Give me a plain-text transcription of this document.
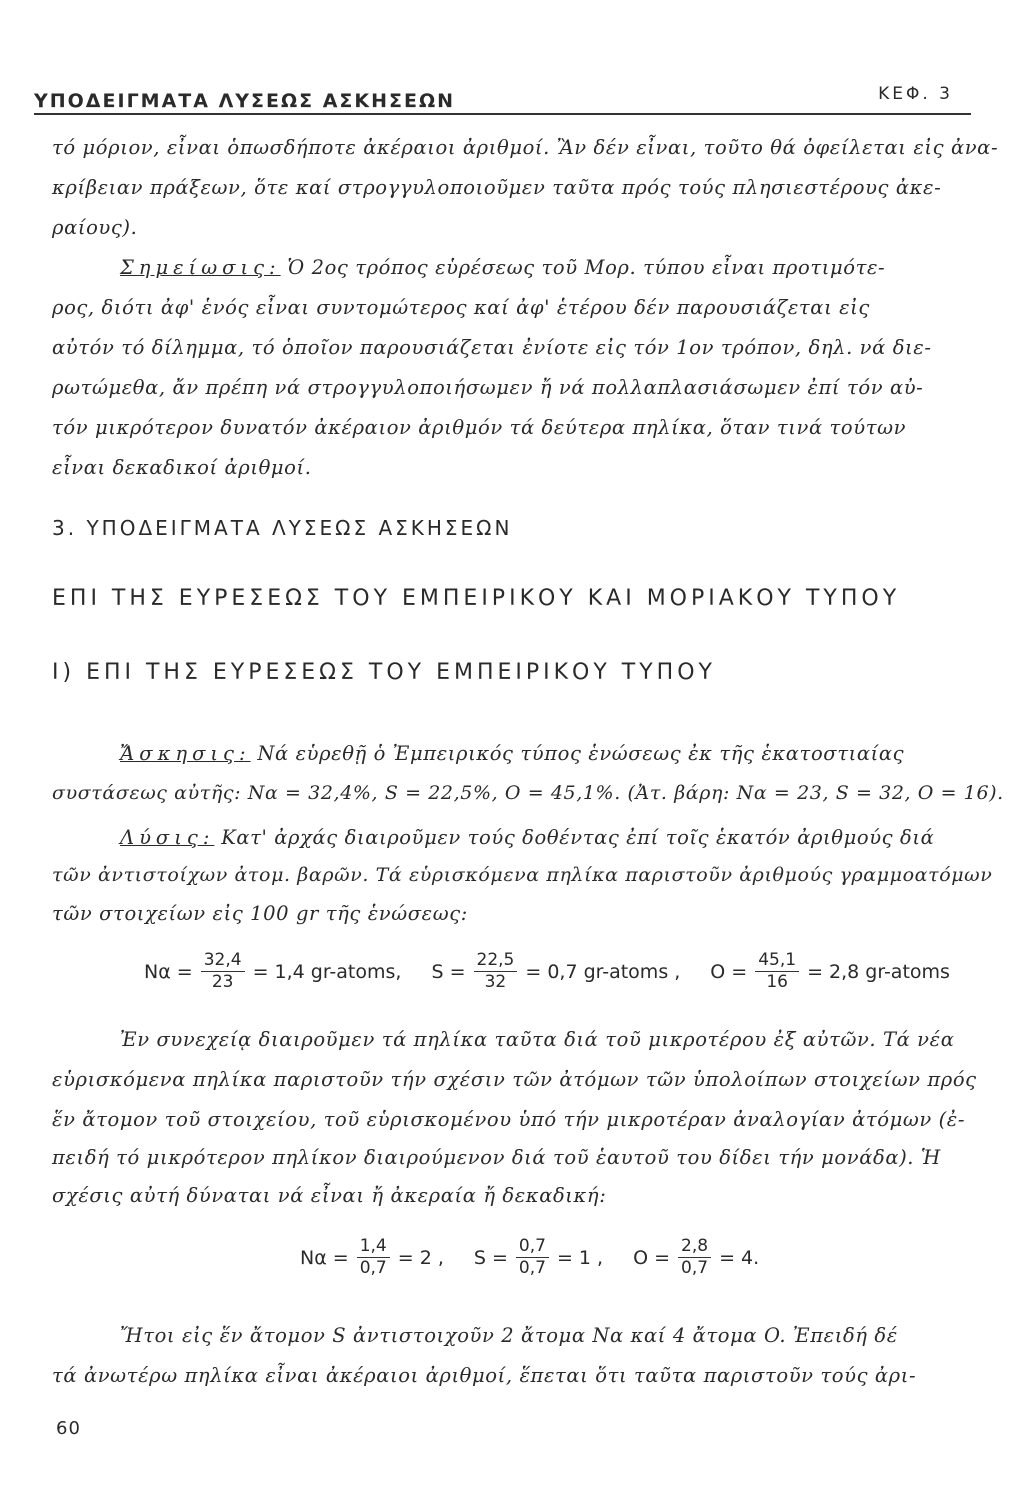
ΥΠΟΔΕΙΓΜΑΤΑ ΛΥΣΕΩΣ ΑΣΚΗΣΕΩΝ	ΚΕΦ. 3
τό μόριον, εἶναι ὁπωσδήποτε ἀκέραιοι ἀριθμοί. Ἂν δέν εἶναι, τοῦτο θά ὀφείλεται εἰς ἀνα-
κρίβειαν πράξεων, ὅτε καί στρογγυλοποιοῦμεν ταῦτα πρός τούς πλησιεστέρους ἀκε-
ραίους).
Σημείωσις: Ὁ 2ος τρόπος εὑρέσεως τοῦ Μορ. τύπου εἶναι προτιμότε-
ρος, διότι ἀφ' ἑνός εἶναι συντομώτερος καί ἀφ' ἑτέρου δέν παρουσιάζεται εἰς
αὐτόν τό δίλημμα, τό ὁποῖον παρουσιάζεται ἐνίοτε εἰς τόν 1ον τρόπον, δηλ. νά διε-
ρωτώμεθα, ἄν πρέπη νά στρογγυλοποιήσωμεν ἤ νά πολλαπλασιάσωμεν ἐπί τόν αὐ-
τόν μικρότερον δυνατόν ἀκέραιον ἀριθμόν τά δεύτερα πηλίκα, ὅταν τινά τούτων
εἶναι δεκαδικοί ἀριθμοί.
3. ΥΠΟΔΕΙΓΜΑΤΑ ΛΥΣΕΩΣ ΑΣΚΗΣΕΩΝ
ΕΠΙ ΤΗΣ ΕΥΡΕΣΕΩΣ ΤΟΥ ΕΜΠΕΙΡΙΚΟΥ ΚΑΙ ΜΟΡΙΑΚΟΥ ΤΥΠΟΥ
Ι) ΕΠΙ ΤΗΣ ΕΥΡΕΣΕΩΣ ΤΟΥ ΕΜΠΕΙΡΙΚΟΥ ΤΥΠΟΥ
Ἄσκησις: Νά εὑρεθῇ ὁ Ἐμπειρικός τύπος ἑνώσεως ἐκ τῆς ἑκατοστιαίας
συστάσεως αὐτῆς: Να = 32,4%, S = 22,5%, O = 45,1%. (Ἀτ. βάρη: Να = 23, S = 32, O = 16).
Λύσις: Κατ' ἀρχάς διαιροῦμεν τούς δοθέντας ἐπί τοῖς ἑκατόν ἀριθμούς διά
τῶν ἀντιστοίχων ἀτομ. βαρῶν. Τά εὑρισκόμενα πηλίκα παριστοῦν ἀριθμούς γραμμοατόμων
τῶν στοιχείων εἰς 100 gr τῆς ἑνώσεως:
$N\alpha = \frac{32,4}{23} = 1,4$ gr-atoms, $S = \frac{22,5}{32} = 0,7$ gr-atoms , $O = \frac{45,1}{16} = 2,8$ gr-atoms
Ἐν συνεχείᾳ διαιροῦμεν τά πηλίκα ταῦτα διά τοῦ μικροτέρου ἐξ αὐτῶν. Τά νέα
εὑρισκόμενα πηλίκα παριστοῦν τήν σχέσιν τῶν ἀτόμων τῶν ὑπολοίπων στοιχείων πρός
ἕν ἄτομον τοῦ στοιχείου, τοῦ εὑρισκομένου ὑπό τήν μικροτέραν ἀναλογίαν ἀτόμων (ἐ-
πειδή τό μικρότερον πηλίκον διαιρούμενον διά τοῦ ἑαυτοῦ του δίδει τήν μονάδα). Ἡ
σχέσις αὐτή δύναται νά εἶναι ἤ ἀκεραία ἤ δεκαδική:
$N\alpha = \frac{1,4}{0,7} = 2$ , $S = \frac{0,7}{0,7} = 1$ , $O = \frac{2,8}{0,7} = 4$.
Ἤτοι εἰς ἕν ἄτομον S ἀντιστοιχοῦν 2 ἄτομα Να καί 4 ἄτομα O. Ἐπειδή δέ
τά ἀνωτέρω πηλίκα εἶναι ἀκέραιοι ἀριθμοί, ἕπεται ὅτι ταῦτα παριστοῦν τούς ἀρι-
60
